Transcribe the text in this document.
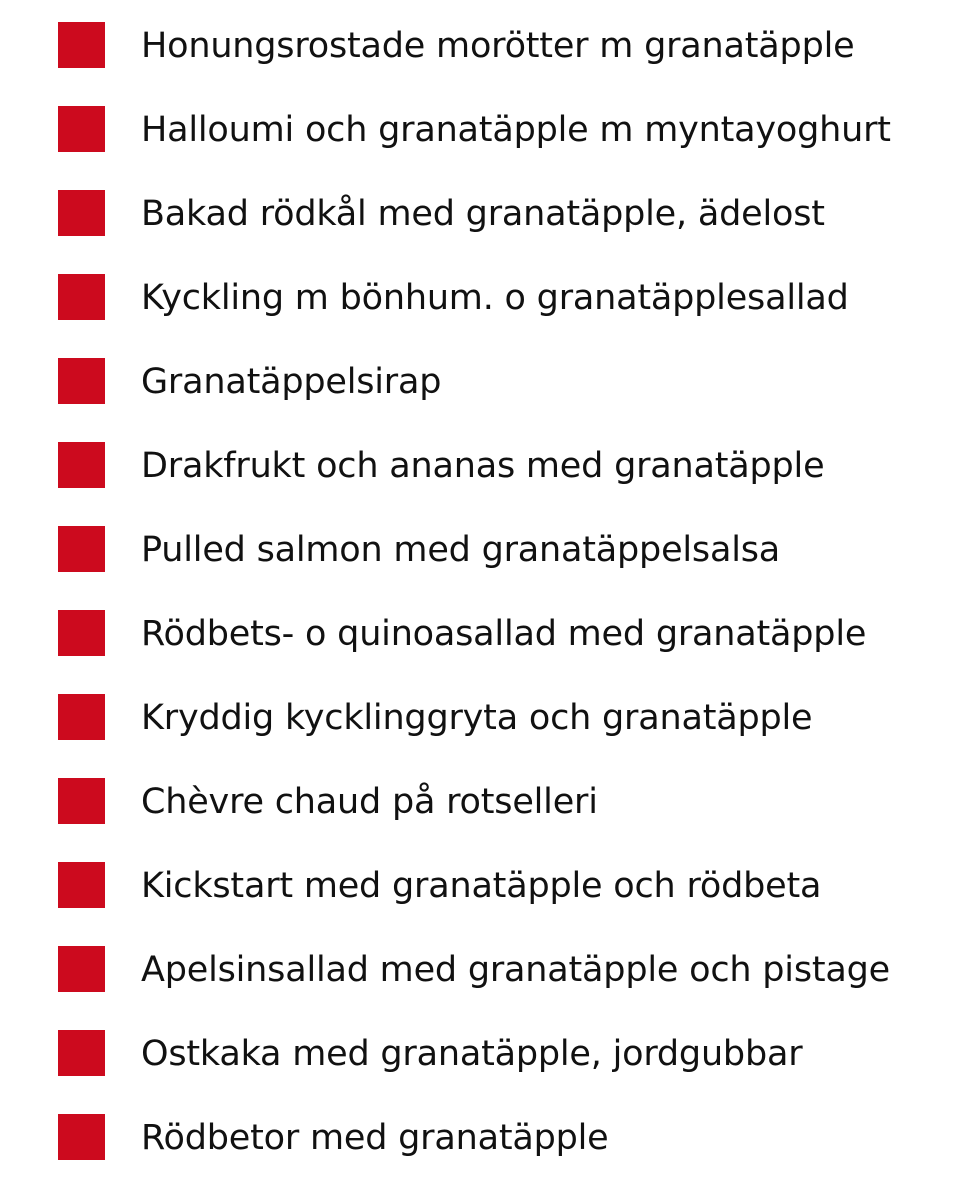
Honungsrostade morötter m granatäpple
Halloumi och granatäpple m myntayoghurt
Bakad rödkål med granatäpple, ädelost
Kyckling m bönhum. o granatäpplesallad
Granatäppelsirap
Drakfrukt och ananas med granatäpple
Pulled salmon med granatäppelsalsa
Rödbets- o quinoasallad med granatäpple
Kryddig kycklinggryta och granatäpple
Chèvre chaud på rotselleri
Kickstart med granatäpple och rödbeta
Apelsinsallad med granatäpple och pistage
Ostkaka med granatäpple, jordgubbar
Rödbetor med granatäpple
